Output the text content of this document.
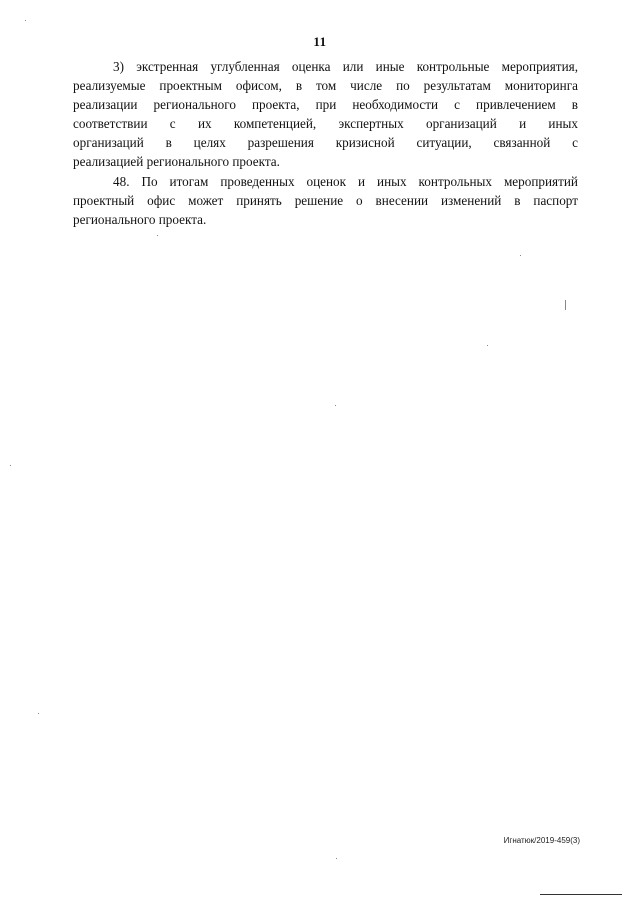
11

3) экстренная углубленная оценка или иные контрольные мероприятия,
реализуемые проектным офисом, в том числе по результатам мониторинга
реализации регионального проекта, при необходимости с привлечением в
соответствии с их компетенцией, экспертных организаций и иных
организаций в целях разрешения кризисной ситуации, связанной с
реализацией регионального проекта.

48. По итогам проведенных оценок и иных контрольных мероприятий
проектный офис может принять решение о внесении изменений в паспорт
регионального проекта.

Игнатюк/2019-459(3)
